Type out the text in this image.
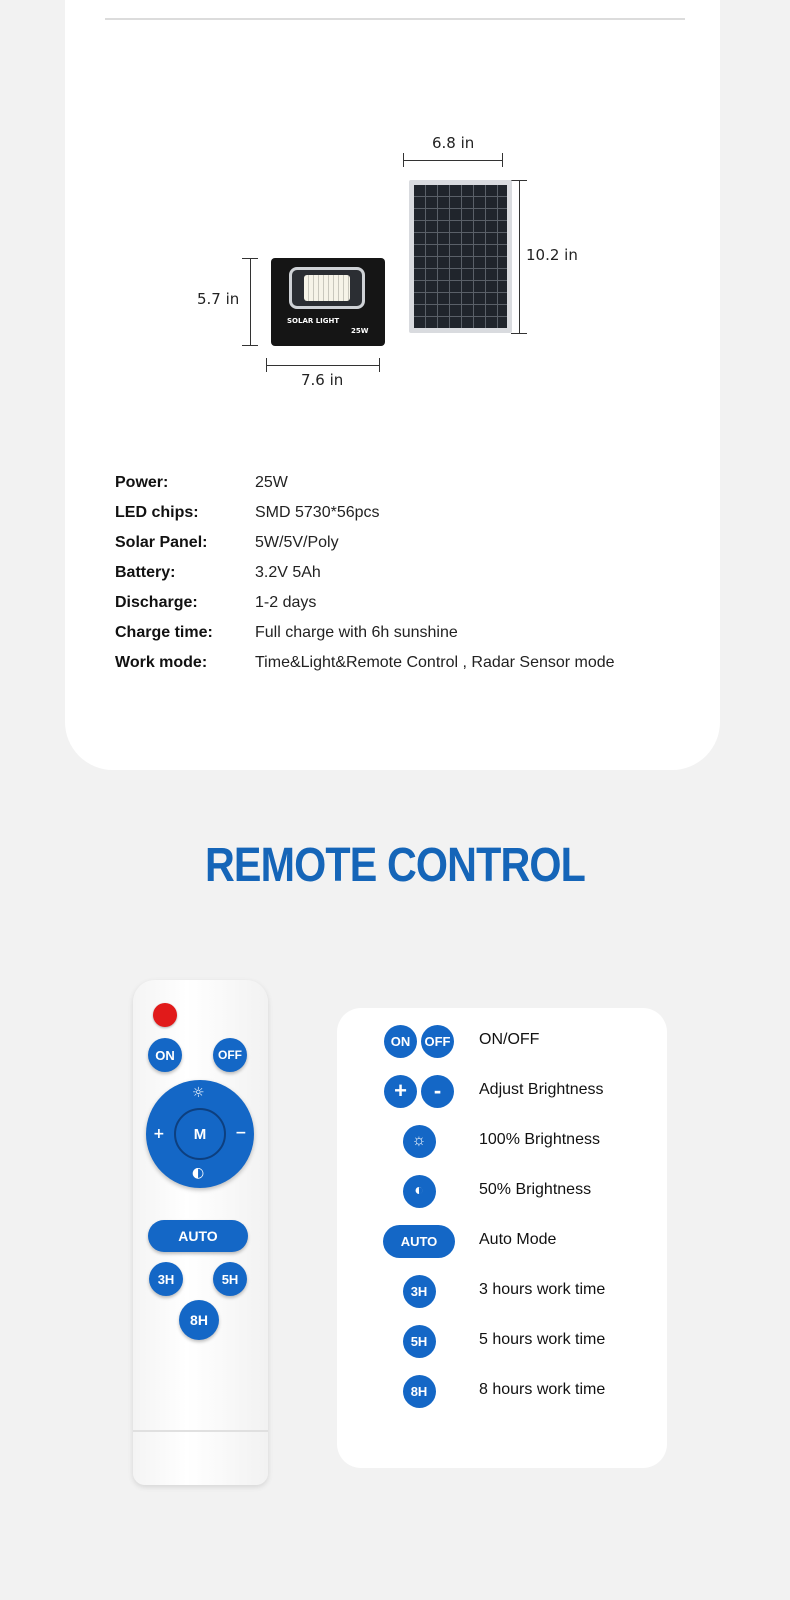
6.8 in
10.2 in
5.7 in
SOLAR LIGHT
25W
7.6 in
Power:	25W
LED chips:	SMD 5730*56pcs
Solar Panel:	5W/5V/Poly
Battery:	3.2V 5Ah
Discharge:	1-2 days
Charge time:	Full charge with 6h sunshine
Work mode:	Time&Light&Remote Control , Radar Sensor mode
REMOTE CONTROL
ON	OFF
☼
+	−
◐
M
AUTO
3H	5H
8H
ON	OFF ON/OFF
+	-	Adjust Brightness
☼	100% Brightness
◐	50% Brightness
AUTO	Auto Mode
3H	3 hours work time
5H	5 hours work time
8H	8 hours work time
